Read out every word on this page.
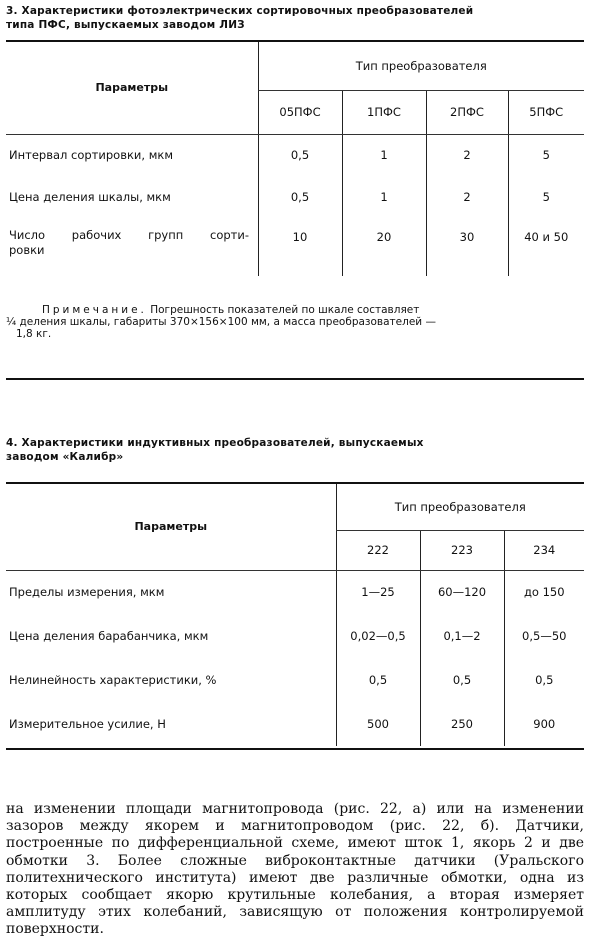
3. Характеристики фотоэлектрических сортировочных преобразователей
типа ПФС, выпускаемых заводом ЛИЗ
Параметры	Тип преобразователя			
	05ПФС	1ПФС	2ПФС	5ПФС
Интервал сортировки, мкм	0,5	1	2	5
Цена деления шкалы, мкм	0,5	1	2	5

Число рабочих групп сорти-
ровки	10	20	30	40 и 50
Примечание. Погрешность показателей по шкале составляет
¼ деления шкалы, габариты 370×156×100 мм, а масса преобразователей —
1,8 кг.
4. Характеристики индуктивных преобразователей, выпускаемых
заводом «Калибр»
Параметры	Тип преобразователя		
	222	223	234
Пределы измерения, мкм	1—25	60—120	до 150
Цена деления барабанчика, мкм	0,02—0,5	0,1—2	0,5—50
Нелинейность характеристики, %	0,5	0,5	0,5
Измерительное усилие, Н	500	250	900

на изменении площади магнитопровода (рис. 22, а) или на изменении зазоров между якорем и магнитопроводом (рис. 22, б). Датчики, построенные по дифференциальной схеме, имеют шток 1, якорь 2 и две обмотки 3. Более сложные виброконтактные датчики (Уральского политехнического института) имеют две различные обмотки, одна из которых сообщает якорю крутильные колебания, а вторая измеряет амплитуду этих колебаний, зависящую от положения контролируемой поверхности.
